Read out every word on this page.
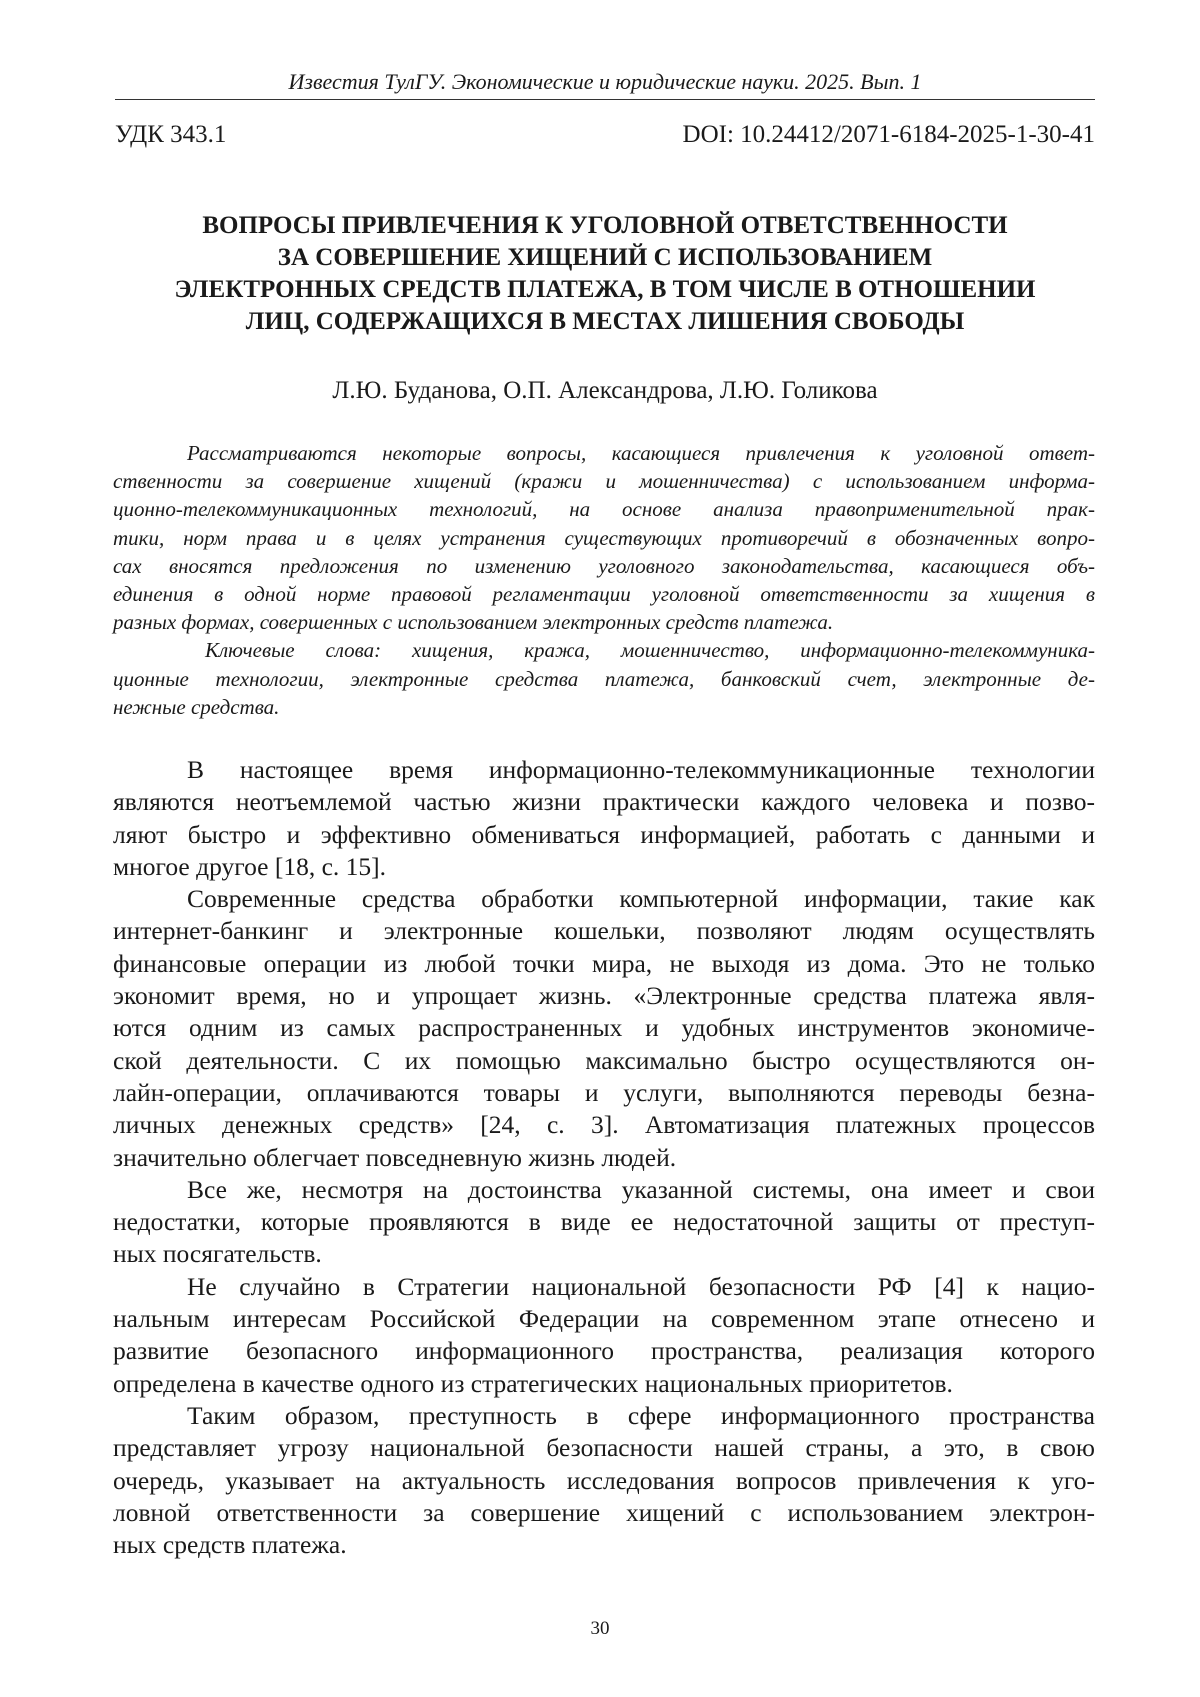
Известия ТулГУ. Экономические и юридические науки. 2025. Вып. 1
УДК 343.1	DOI: 10.24412/2071-6184-2025-1-30-41
ВОПРОСЫ ПРИВЛЕЧЕНИЯ К УГОЛОВНОЙ ОТВЕТСТВЕННОСТИ
ЗА СОВЕРШЕНИЕ ХИЩЕНИЙ С ИСПОЛЬЗОВАНИЕМ
ЭЛЕКТРОННЫХ СРЕДСТВ ПЛАТЕЖА, В ТОМ ЧИСЛЕ В ОТНОШЕНИИ
ЛИЦ, СОДЕРЖАЩИХСЯ В МЕСТАХ ЛИШЕНИЯ СВОБОДЫ
Л.Ю. Буданова, О.П. Александрова, Л.Ю. Голикова
Рассматриваются некоторые вопросы, касающиеся привлечения к уголовной ответ-
ственности за совершение хищений (кражи и мошенничества) с использованием информа-
ционно-телекоммуникационных технологий, на основе анализа правоприменительной прак-
тики, норм права и в целях устранения существующих противоречий в обозначенных вопро-
сах вносятся предложения по изменению уголовного законодательства, касающиеся объ-
единения в одной норме правовой регламентации уголовной ответственности за хищения в
разных формах, совершенных с использованием электронных средств платежа.
Ключевые слова: хищения, кража, мошенничество, информационно-телекоммуника-
ционные технологии, электронные средства платежа, банковский счет, электронные де-
нежные средства.
В настоящее время информационно-телекоммуникационные технологии
являются неотъемлемой частью жизни практически каждого человека и позво-
ляют быстро и эффективно обмениваться информацией, работать с данными и
многое другое [18, с. 15].
Современные средства обработки компьютерной информации, такие как
интернет-банкинг и электронные кошельки, позволяют людям осуществлять
финансовые операции из любой точки мира, не выходя из дома. Это не только
экономит время, но и упрощает жизнь. «Электронные средства платежа явля-
ются одним из самых распространенных и удобных инструментов экономиче-
ской деятельности. С их помощью максимально быстро осуществляются он-
лайн-операции, оплачиваются товары и услуги, выполняются переводы безна-
личных денежных средств» [24, с. 3]. Автоматизация платежных процессов
значительно облегчает повседневную жизнь людей.
Все же, несмотря на достоинства указанной системы, она имеет и свои
недостатки, которые проявляются в виде ее недостаточной защиты от преступ-
ных посягательств.
Не случайно в Стратегии национальной безопасности РФ [4] к нацио-
нальным интересам Российской Федерации на современном этапе отнесено и
развитие безопасного информационного пространства, реализация которого
определена в качестве одного из стратегических национальных приоритетов.
Таким образом, преступность в сфере информационного пространства
представляет угрозу национальной безопасности нашей страны, а это, в свою
очередь, указывает на актуальность исследования вопросов привлечения к уго-
ловной ответственности за совершение хищений с использованием электрон-
ных средств платежа.
30
